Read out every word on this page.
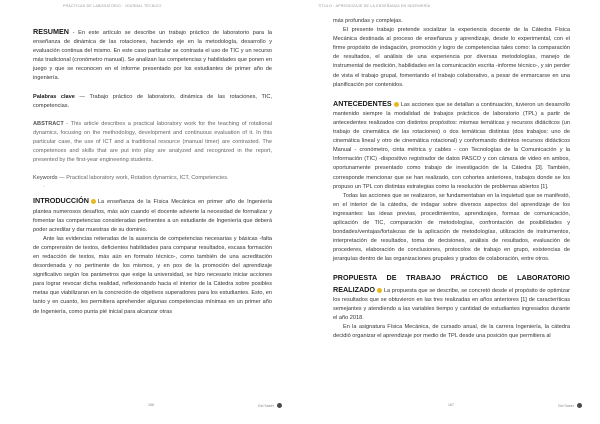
PRÁCTICAS DE LABORATORIO · JOURNAL TÉCNICO

RESUMEN - En este artículo se describe un trabajo práctico de laboratorio para la enseñanza de dinámica de las rotaciones, haciendo eje en la metodología, desarrollo y evaluación continua del mismo. En este caso particular se contrasta el uso de TIC y un recurso más tradicional (cronómetro manual). Se analizan las competencias y habilidades que ponen en juego y que se reconocen en el informe presentado por los estudiantes de primer año de ingeniería.

Palabras clave — Trabajo práctico de laboratorio, dinámica de las rotaciones, TIC, competencias.

ABSTRACT - This article describes a practical laboratory work for the teaching of rotational dynamics, focusing on the methodology, development and continuous evaluation of it. In this particular case, the use of ICT and a traditional resource (manual timer) are contrasted. The competences and skills that are put into play are analyzed and recognized in the report, presented by the first-year engineering students.

Keywords — Practical laboratory work, Rotation dynamics, ICT, Competencies.

◦

INTRODUCCIÓN La enseñanza de la Física Mecánica en primer año de Ingeniería plantea numerosos desafíos, más aún cuando el docente advierte la necesidad de formalizar y fomentar las competencias consideradas pertinentes a un estudiante de Ingeniería que deberá poder acreditar y dar muestras de su dominio.

Ante las evidencias reiteradas de la ausencia de competencias necesarias y básicas -falta de comprensión de textos, deficientes habilidades para comparar resultados, escasa formación en redacción de textos, más aún en formato técnico-, como también de una acreditación desordenada y no pertinente de los mismos, y en pos de la promoción del aprendizaje significativo según los parámetros que exige la universidad, se hizo necesario iniciar acciones para lograr revocar dicha realidad, reflexionando hacia el interior de la Cátedra sobre posibles metas que viabilizaran en la concreción de objetivos superadores para los estudiantes. Esto, en tanto y en cuanto, les permitiera aprehender algunas competencias mínimas en un primer año de Ingeniería, como punta pié inicial para alcanzar otras

166	Gel Saber
TÍTULO · APRENDIZAJE DE LA ENSEÑANZA EN INGENIERÍA

más profundas y complejas.

El presente trabajo pretende socializar la experiencia docente de la Cátedra Física Mecánica destinada al proceso de enseñanza y aprendizaje, desde lo experimental, con el firme propósito de indagación, promoción y logro de competencias tales como: la comparación de resultados, el análisis de una experiencia por diversas metodologías, manejo de instrumental de medición, habilidades en la comunicación escrita -informe técnico-, y sin perder de vista el trabajo grupal, fomentando el trabajo colaborativo, a pesar de enmarcarse en una planificación por contenidos.

ANTECEDENTES Las acciones que se detallan a continuación, tuvieron un desarrollo mantenido siempre la modalidad de trabajos prácticos de laboratorio (TPL) a partir de antecedentes realizados con distintos propósitos: mismas temáticas y recursos didácticos (un trabajo de cinemática de las rotaciones) o dos temáticas distintas (dos trabajos: uno de cinemática lineal y otro de cinemática rotacional) y conformando distintos recursos didácticos Manual - cronómetro, cinta métrica y cables - con Tecnologías de la Comunicación y la Información (TIC) -dispositivo registrador de datos PASCO y con cámara de video en ambos, oportunamente presentado como trabajo de investigación de la Cátedra [3]. También, corresponde mencionar que se han realizado, con cohortes anteriores, trabajos donde se los propuso un TPL con distintas estrategias como la resolución de problemas abiertos [1].

Todas las acciones que se realizaron, se fundamentaban en la inquietud que se manifestó, en el interior de la cátedra, de indagar sobre diversos aspectos del aprendizaje de los ingresantes: las ideas previas, procedimientos, aprendizajes, formas de comunicación, aplicación de TIC, comparación de metodologías, confrontación de posibilidades y bondades/ventajas/fortalezas de la aplicación de metodologías, utilización de instrumentos, interpretación de resultados, toma de decisiones, análisis de resultados, evaluación de procederes, elaboración de conclusiones, protocolos de trabajo en grupo, existencias de jerarquías dentro de las organizaciones grupales y grados de colaboración, entre otros.

PROPUESTA DE TRABAJO PRÁCTICO DE LABORATORIO REALIZADO La propuesta que se describe, se concretó desde el propósito de optimizar los resultados que se obtuvieron en las tres realizadas en años anteriores [1] de caracteríticas semejantes y atendiendo a las variables tiempo y cantidad de estudiantes ingresados durante el año 2018.

En la asignatura Física Mecánica, de cursado anual, de la carrera Ingeniería, la cátedra decidió organizar el aprendizaje por medio de TPL desde una posición que permitiera al

167	Gel Saber
